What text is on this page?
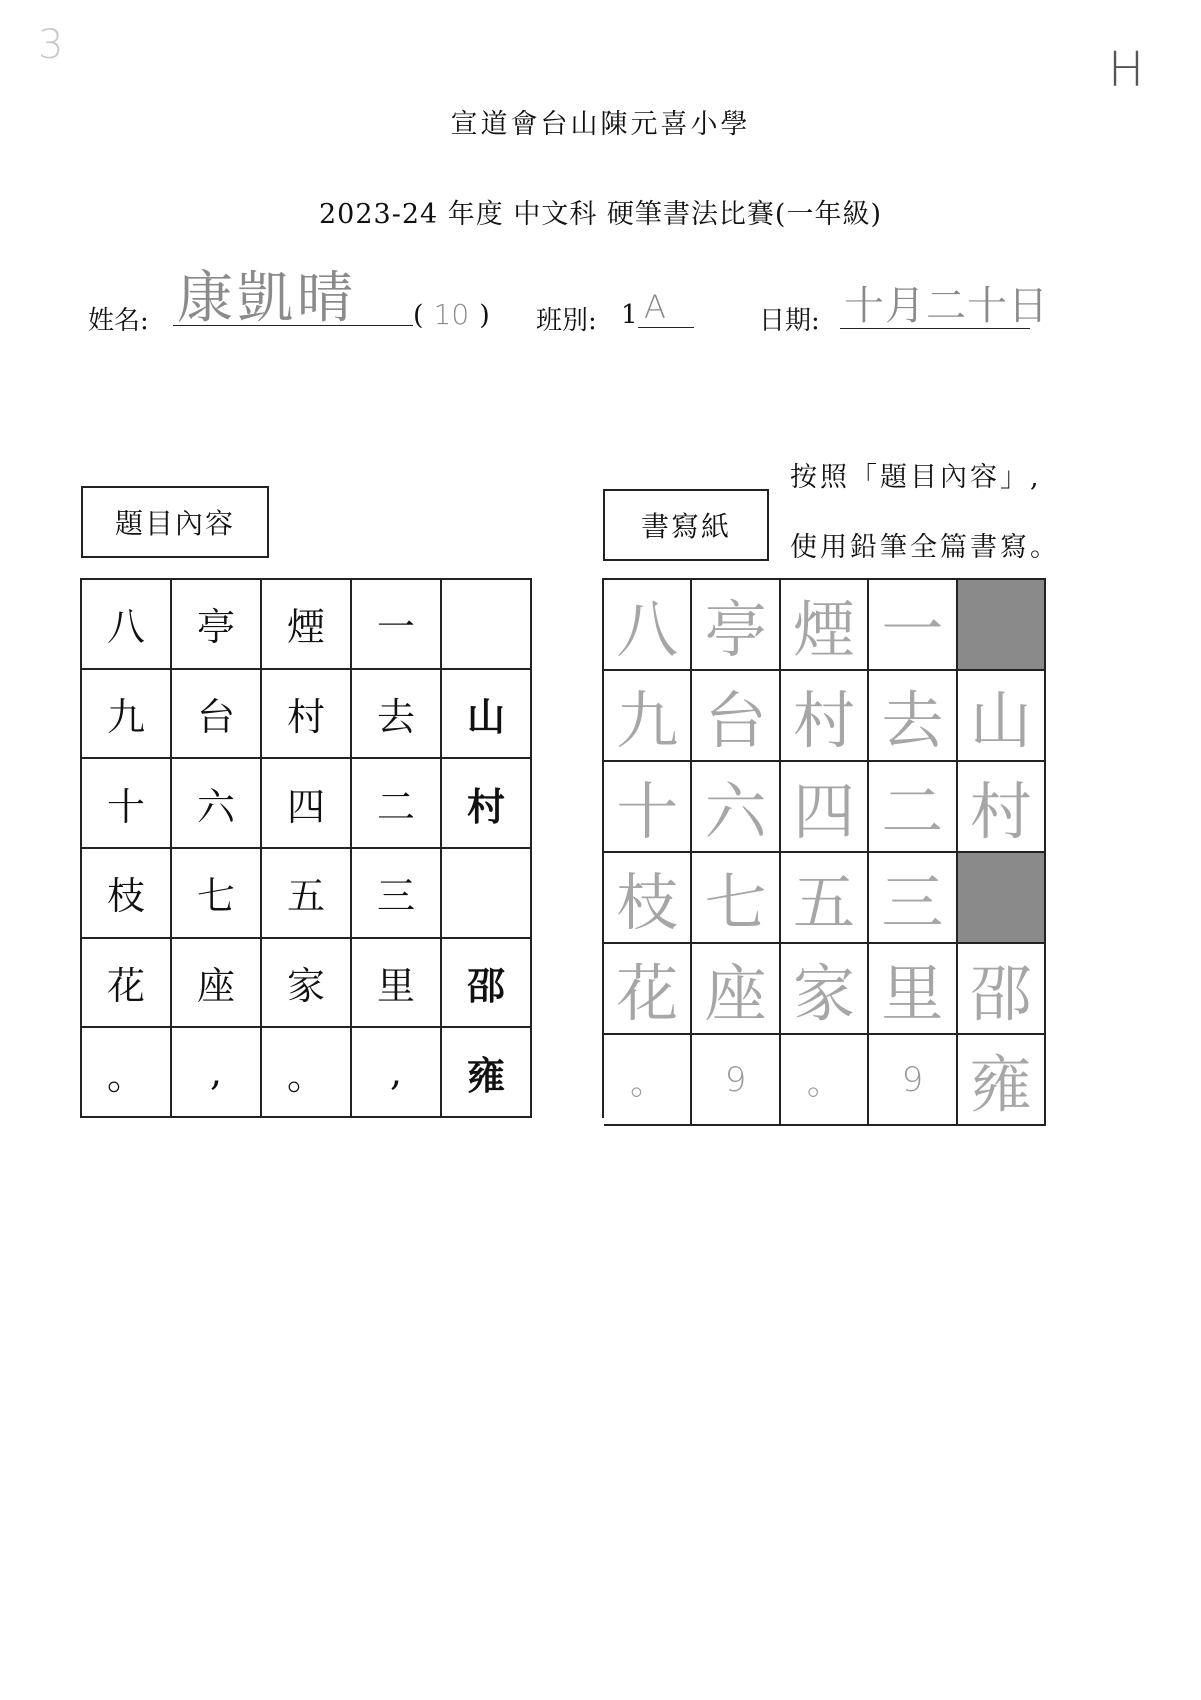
3	H
宣道會台山陳元喜小學
2023-24 年度 中文科 硬筆書法比賽(一年級)
姓名: 康凱晴 ( 10 ) 班別: 1 A	日期: 十月二十日
按照「題目內容」,
使用鉛筆全篇書寫。
題目內容	書寫紙
八	亭	煙	一
九	台	村	去	山
十	六	四	二	村
枝	七	五	三
花	座	家	里	邵
。	,	。	,	雍
八 亭 煙 一
九 台 村 去 山
十 六 四 二 村
枝 七 五 三
花 座 家 里 邵
。	9	。	9 雍
